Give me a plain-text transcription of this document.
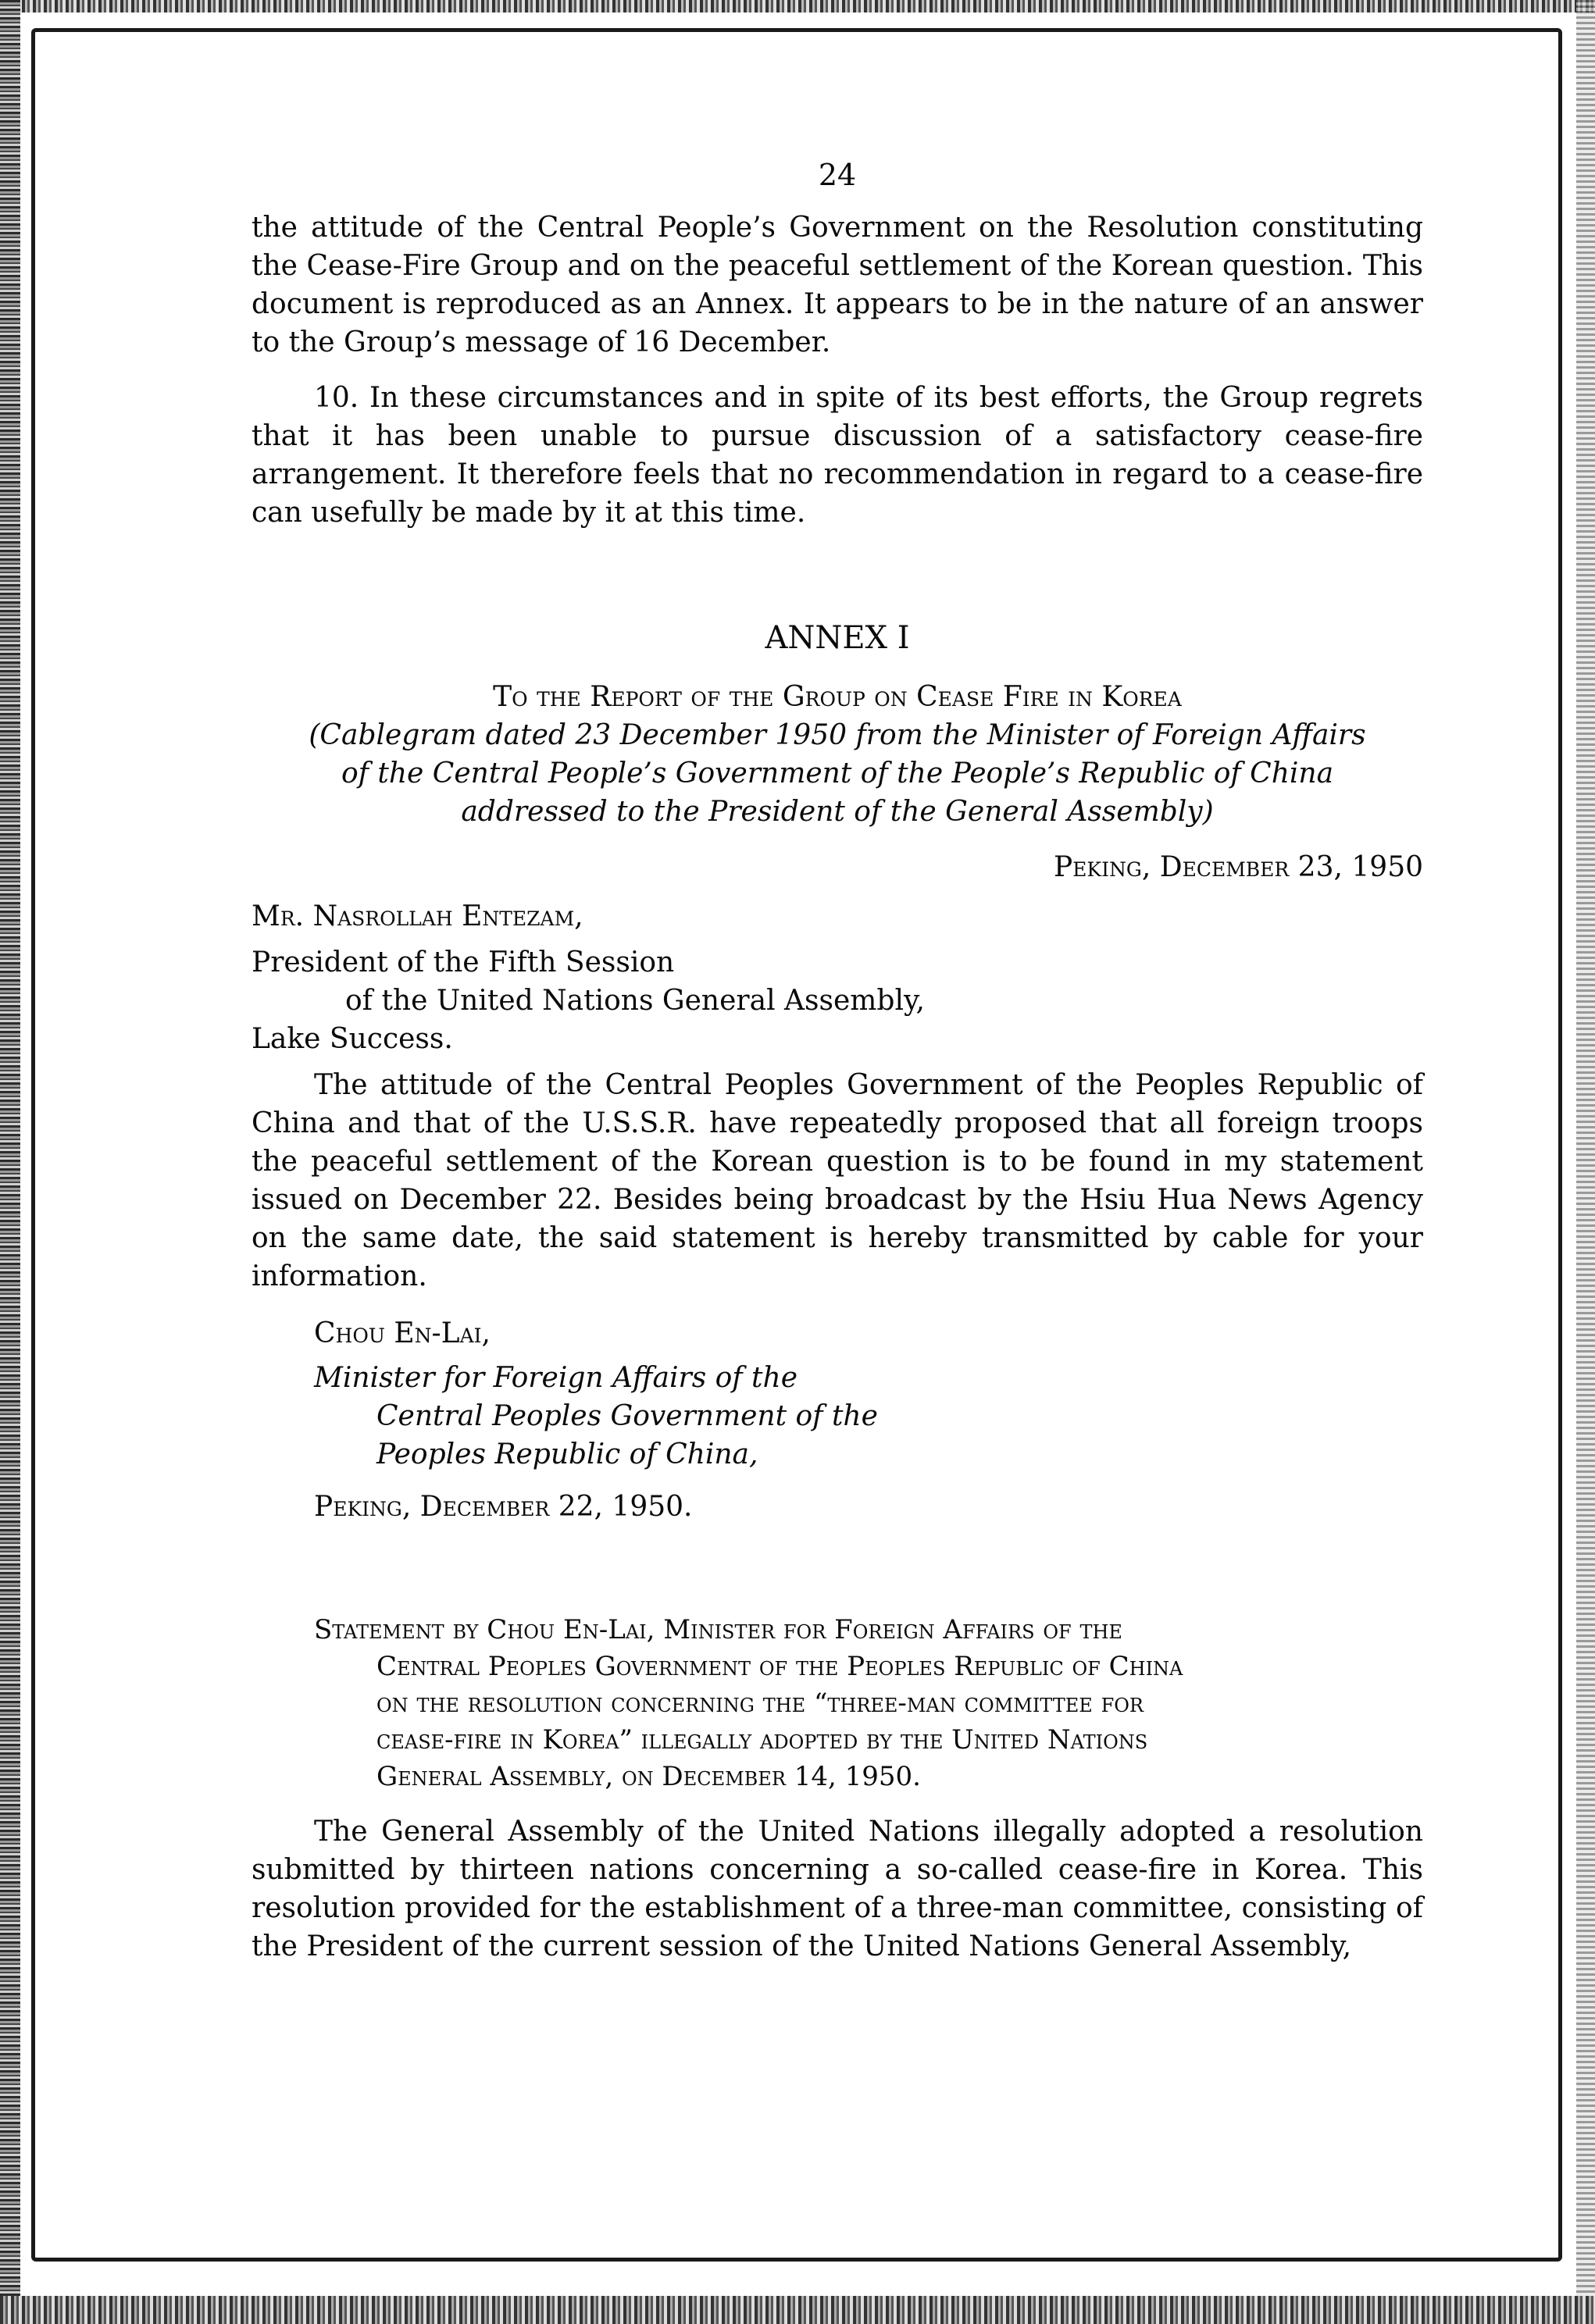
24

the attitude of the Central People’s Government on the Resolution constituting the Cease-Fire Group and on the peaceful settlement of the Korean question. This document is reproduced as an Annex. It appears to be in the nature of an answer to the Group’s message of 16 December.

10. In these circumstances and in spite of its best efforts, the Group regrets that it has been unable to pursue discussion of a satisfactory cease-fire arrangement. It therefore feels that no recommendation in regard to a cease-fire can usefully be made by it at this time.

ANNEX I
To the Report of the Group on Cease Fire in Korea
(Cablegram dated 23 December 1950 from the Minister of Foreign Affairs
of the Central People’s Government of the People’s Republic of China
addressed to the President of the General Assembly)
Peking, December 23, 1950
Mr. Nasrollah Entezam,
President of the Fifth Session
of the United Nations General Assembly,
Lake Success.

The attitude of the Central Peoples Government of the Peoples Republic of China and that of the U.S.S.R. have repeatedly proposed that all foreign troops the peaceful settlement of the Korean question is to be found in my statement issued on December 22. Besides being broadcast by the Hsiu Hua News Agency on the same date, the said statement is hereby transmitted by cable for your information.

Chou En-Lai,
Minister for Foreign Affairs of the
Central Peoples Government of the
Peoples Republic of China,
Peking, December 22, 1950.
Statement by Chou En-Lai, Minister for Foreign Affairs of the
Central Peoples Government of the Peoples Republic of China
on the resolution concerning the “three-man committee for
cease-fire in Korea” illegally adopted by the United Nations
General Assembly, on December 14, 1950.

The General Assembly of the United Nations illegally adopted a resolution submitted by thirteen nations concerning a so-called cease-fire in Korea. This resolution provided for the establishment of a three-man committee, consisting of the President of the current session of the United Nations General Assembly,
